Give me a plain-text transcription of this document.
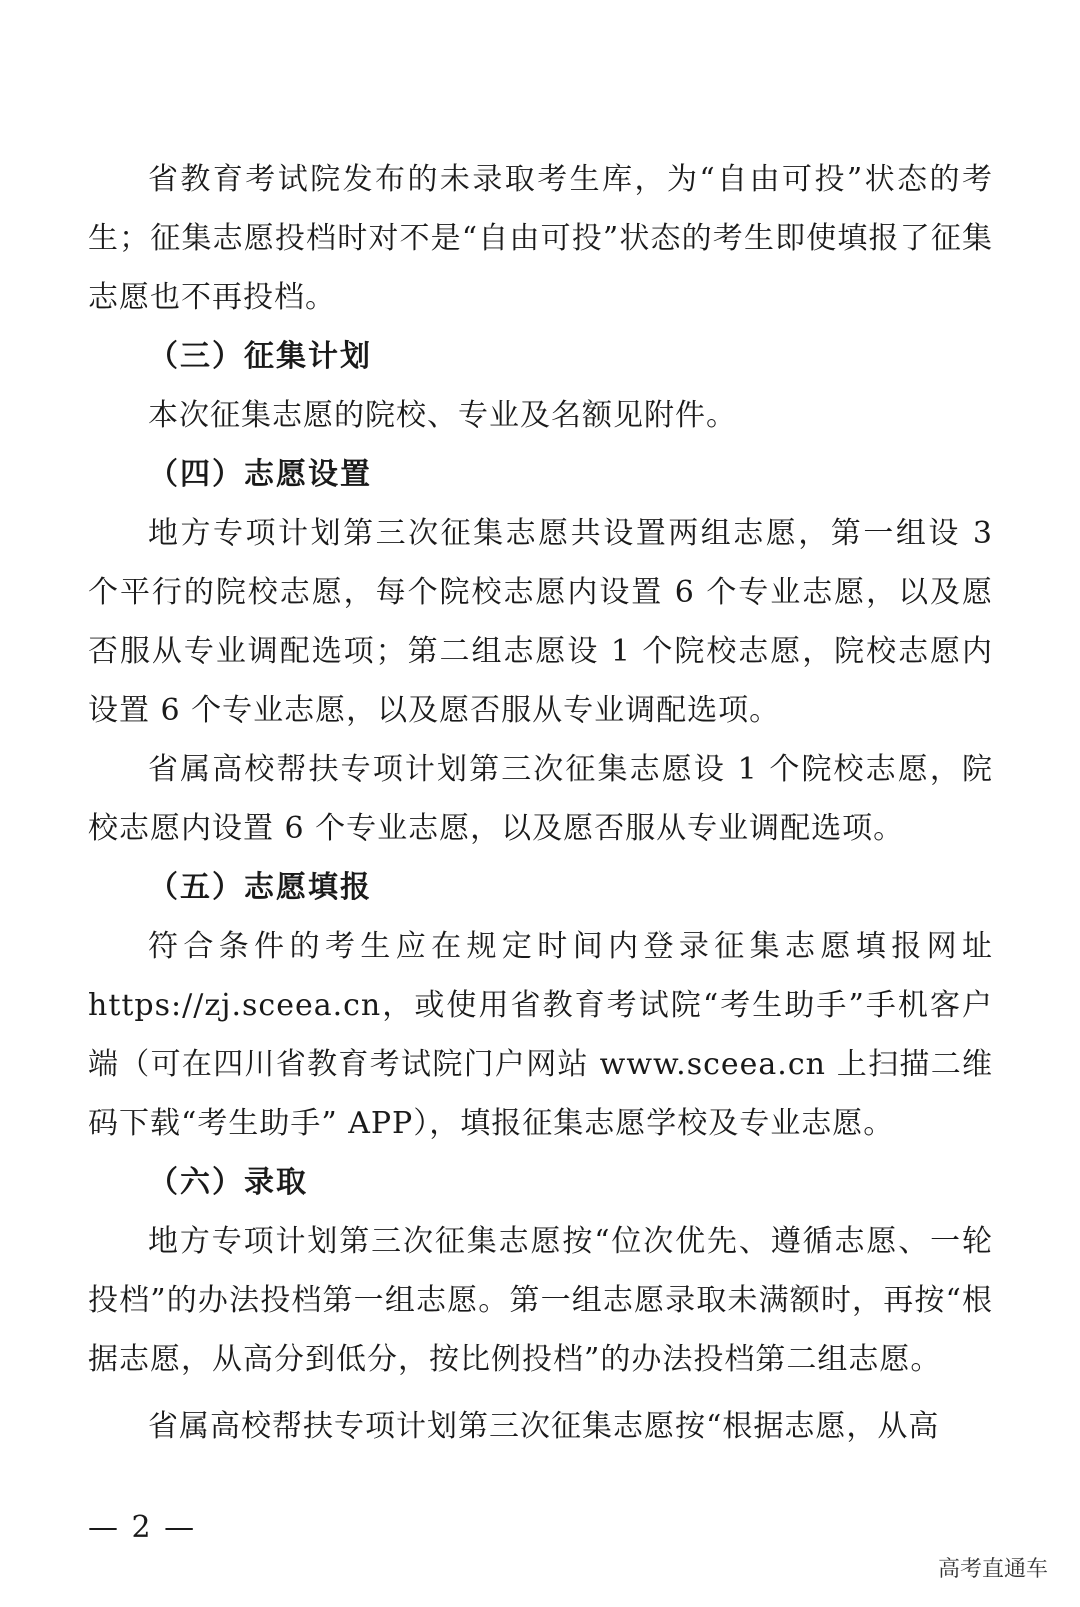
省教育考试院发布的未录取考生库，为“自由可投”状态的考生；征集志愿投档时对不是“自由可投”状态的考生即使填报了征集志愿也不再投档。

（三）征集计划

本次征集志愿的院校、专业及名额见附件。

（四）志愿设置

地方专项计划第三次征集志愿共设置两组志愿，第一组设 3 个平行的院校志愿，每个院校志愿内设置 6 个专业志愿，以及愿否服从专业调配选项；第二组志愿设 1 个院校志愿，院校志愿内设置 6 个专业志愿，以及愿否服从专业调配选项。

省属高校帮扶专项计划第三次征集志愿设 1 个院校志愿，院校志愿内设置 6 个专业志愿，以及愿否服从专业调配选项。

（五）志愿填报

符合条件的考生应在规定时间内登录征集志愿填报网址 https://zj.sceea.cn，或使用省教育考试院“考生助手”手机客户端（可在四川省教育考试院门户网站 www.sceea.cn 上扫描二维码下载“考生助手” APP），填报征集志愿学校及专业志愿。

（六）录取

地方专项计划第三次征集志愿按“位次优先、遵循志愿、一轮投档”的办法投档第一组志愿。第一组志愿录取未满额时，再按“根据志愿，从高分到低分，按比例投档”的办法投档第二组志愿。

省属高校帮扶专项计划第三次征集志愿按“根据志愿，从高

— 2 —
高考直通车
